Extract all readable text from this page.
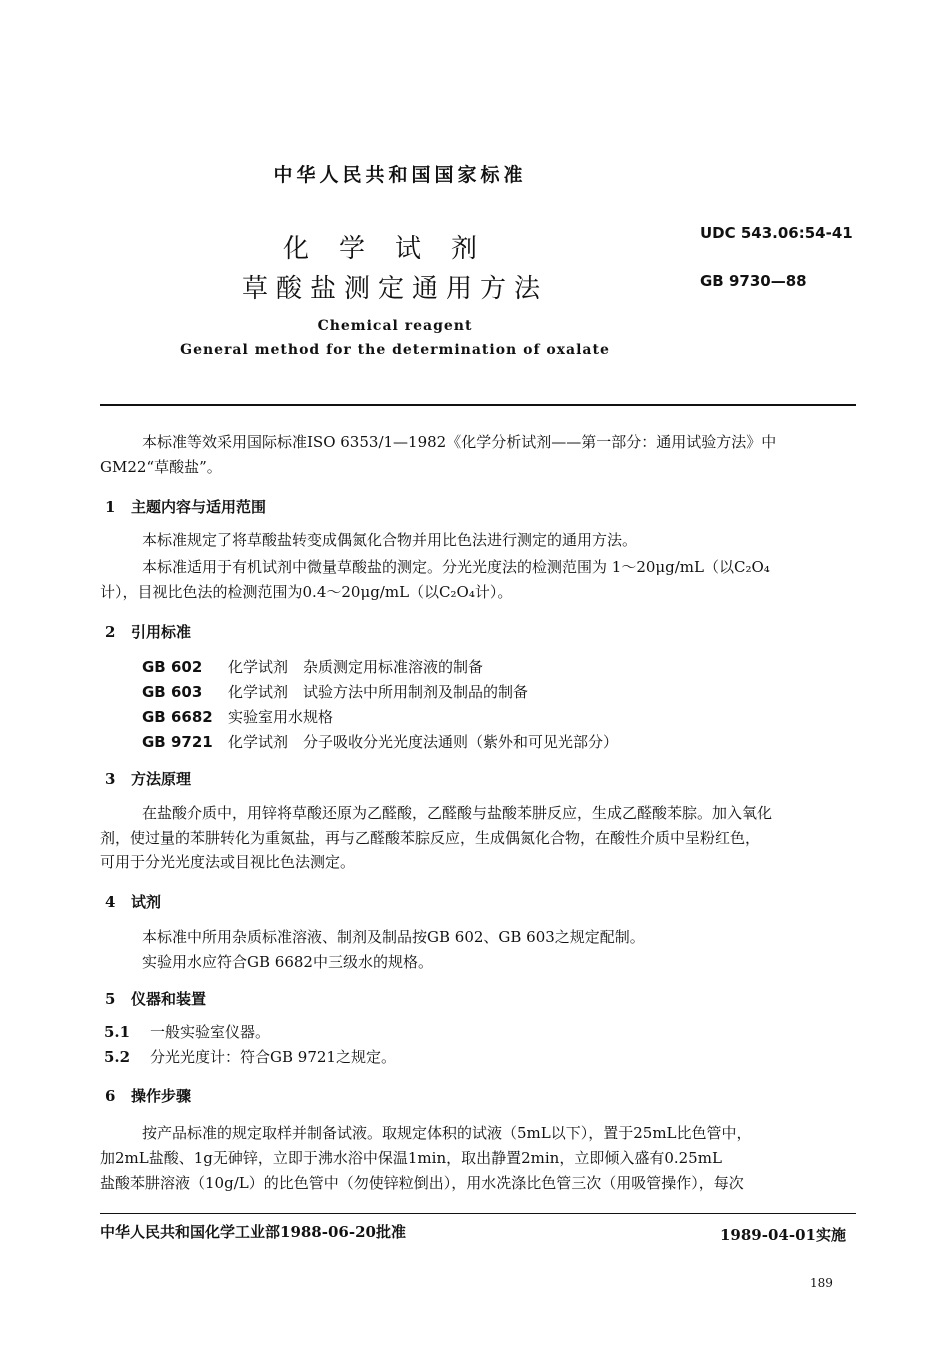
中华人民共和国国家标准
化学试剂
草酸盐测定通用方法
UDC 543.06:54-41
GB 9730—88
Chemical reagent
General method for the determination of oxalate
本标准等效采用国际标准ISO 6353/1—1982《化学分析试剂——第一部分：通用试验方法》中
GM22“草酸盐”。
1 主题内容与适用范围
本标准规定了将草酸盐转变成偶氮化合物并用比色法进行测定的通用方法。
本标准适用于有机试剂中微量草酸盐的测定。分光光度法的检测范围为 1～20μg/mL（以C₂O₄
计），目视比色法的检测范围为0.4～20μg/mL（以C₂O₄计）。
2 引用标准
GB 602 化学试剂　杂质测定用标准溶液的制备
GB 603 化学试剂　试验方法中所用制剂及制品的制备
GB 6682 实验室用水规格
GB 9721 化学试剂　分子吸收分光光度法通则（紫外和可见光部分）
3 方法原理
在盐酸介质中，用锌将草酸还原为乙醛酸，乙醛酸与盐酸苯肼反应，生成乙醛酸苯腙。加入氧化
剂，使过量的苯肼转化为重氮盐，再与乙醛酸苯腙反应，生成偶氮化合物，在酸性介质中呈粉红色，
可用于分光光度法或目视比色法测定。
4 试剂
本标准中所用杂质标准溶液、制剂及制品按GB 602、GB 603之规定配制。
实验用水应符合GB 6682中三级水的规格。
5 仪器和装置
5.1 一般实验室仪器。
5.2 分光光度计：符合GB 9721之规定。
6 操作步骤
按产品标准的规定取样并制备试液。取规定体积的试液（5mL以下），置于25mL比色管中，
加2mL盐酸、1g无砷锌，立即于沸水浴中保温1min，取出静置2min，立即倾入盛有0.25mL
盐酸苯肼溶液（10g/L）的比色管中（勿使锌粒倒出），用水冼涤比色管三次（用吸管操作），每次
中华人民共和国化学工业部1988-06-20批准	1989-04-01实施
189
